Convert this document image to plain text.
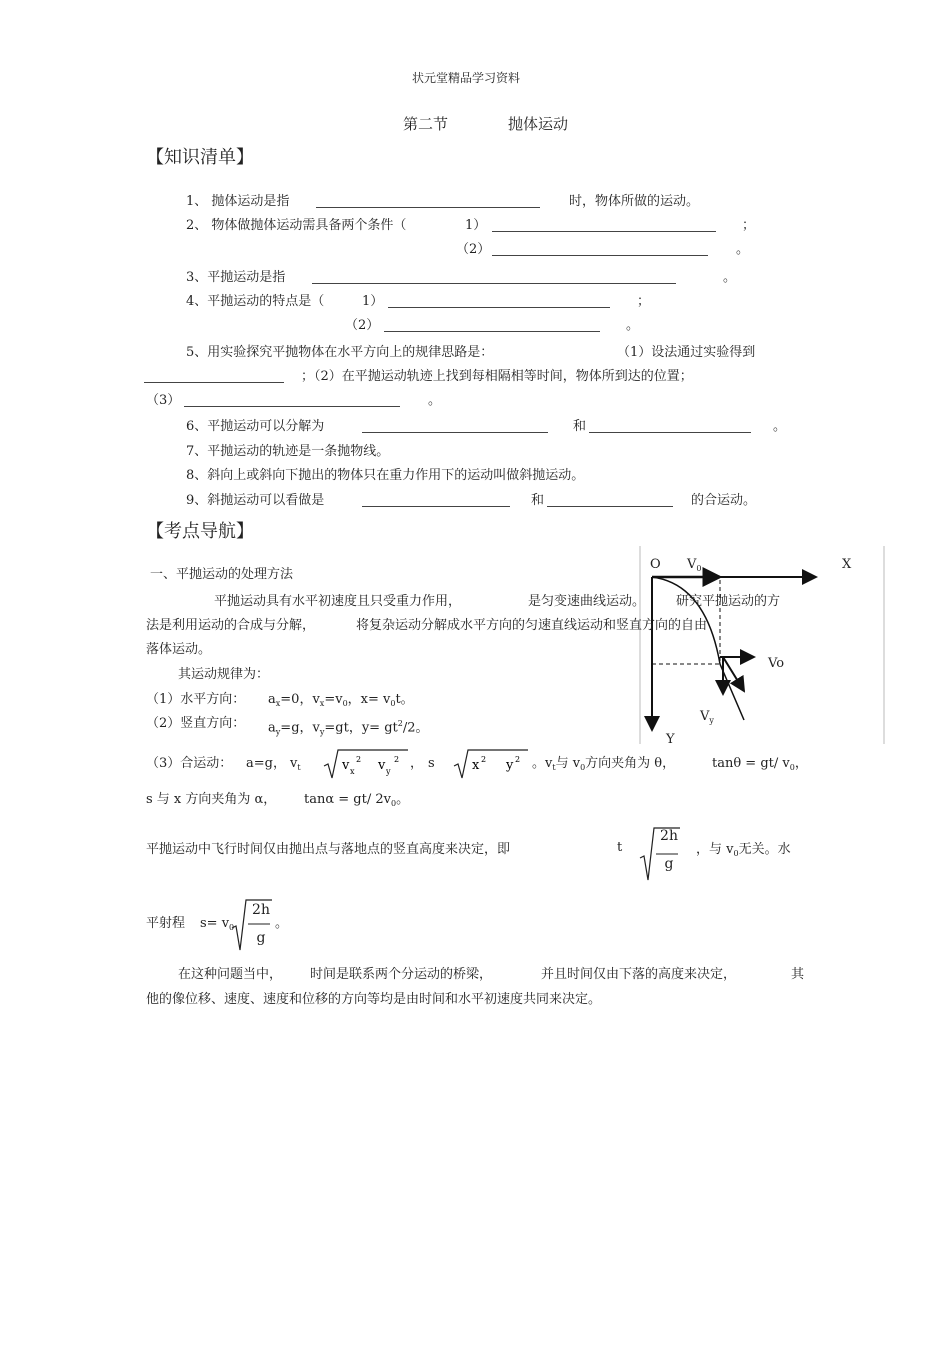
状元堂精品学习资料
第二节	抛体运动
【知识清单】
1、 抛体运动是指	时，物体所做的运动。
2、 物体做抛体运动需具备两个条件（	1）	；
（2）	。
3、平抛运动是指	。
4、平抛运动的特点是（	1）	；
（2）	。
5、用实验探究平抛物体在水平方向上的规律思路是：	（1）设法通过实验得到
；（2）在平抛运动轨迹上找到每相隔相等时间，物体所到达的位置；
（3）	。
6、平抛运动可以分解为	和	。
7、平抛运动的轨迹是一条抛物线。
8、斜向上或斜向下抛出的物体只在重力作用下的运动叫做斜抛运动。
9、斜抛运动可以看做是	和	的合运动。
【考点导航】
O $V_0$	X
Vo
$V_y$
Y
一、平抛运动的处理方法
平抛运动具有水平初速度且只受重力作用，	是匀变速曲线运动。 研究平抛运动的方
法是利用运动的合成与分解，	将复杂运动分解成水平方向的匀速直线运动和竖直方向的自由
落体运动。
其运动规律为：
（1）水平方向： $a_x=0$，$v_x=v_0$，$x= v_0t$。
（2）竖直方向： $a_y=g$，$v_y=gt$，$y= gt^2/2$。
（3）合运动： a=g， $v_t$	v x
2 v y
2 ， s	x 2 y 2 。$v_t$与 $v_0$方向夹角为 θ，	tanθ = gt/ $v_0$，
s 与 x 方向夹角为 α， tanα = gt/ $2v_0$。
平抛运动中飞行时间仅由抛出点与落地点的竖直高度来决定，即	t
2h
g
，与 $v_0$无关。水
平射程 $s= v_0$
2h
g
。
在这种问题当中， 时间是联系两个分运动的桥梁，	并且时间仅由下落的高度来决定，	其
他的像位移、速度、速度和位移的方向等均是由时间和水平初速度共同来决定。
